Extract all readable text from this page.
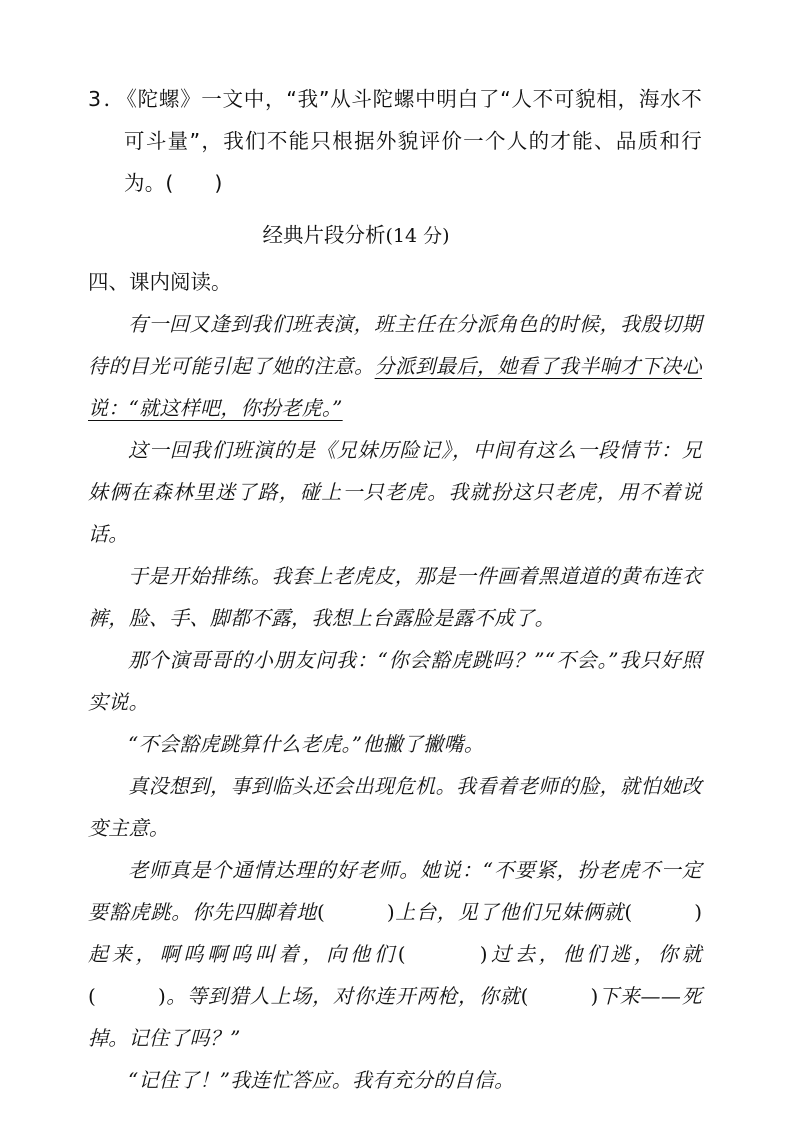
3．《陀螺》一文中，“我”从斗陀螺中明白了“人不可貌相，海水不可斗量”，我们不能只根据外貌评价一个人的才能、品质和行为。(　　)

经典片段分析(14 分)
四、课内阅读。

有一回又逢到我们班表演，班主任在分派角色的时候，我殷切期待的目光可能引起了她的注意。分派到最后，她看了我半晌才下决心说：“就这样吧，你扮老虎。”

这一回我们班演的是《兄妹历险记》，中间有这么一段情节：兄妹俩在森林里迷了路，碰上一只老虎。我就扮这只老虎，用不着说话。

于是开始排练。我套上老虎皮，那是一件画着黑道道的黄布连衣裤，脸、手、脚都不露，我想上台露脸是露不成了。

那个演哥哥的小朋友问我：“你会豁虎跳吗？”“不会。”我只好照实说。

“不会豁虎跳算什么老虎。”他撇了撇嘴。

真没想到，事到临头还会出现危机。我看着老师的脸，就怕她改变主意。

老师真是个通情达理的好老师。她说：“不要紧，扮老虎不一定要豁虎跳。你先四脚着地(　　　)上台，见了他们兄妹俩就(　　　)起来，啊呜啊呜叫着，向他们(　　　)过去，他们逃，你就(　　　)。等到猎人上场，对你连开两枪，你就(　　　)下来——死掉。记住了吗？”

“记住了！”我连忙答应。我有充分的自信。
